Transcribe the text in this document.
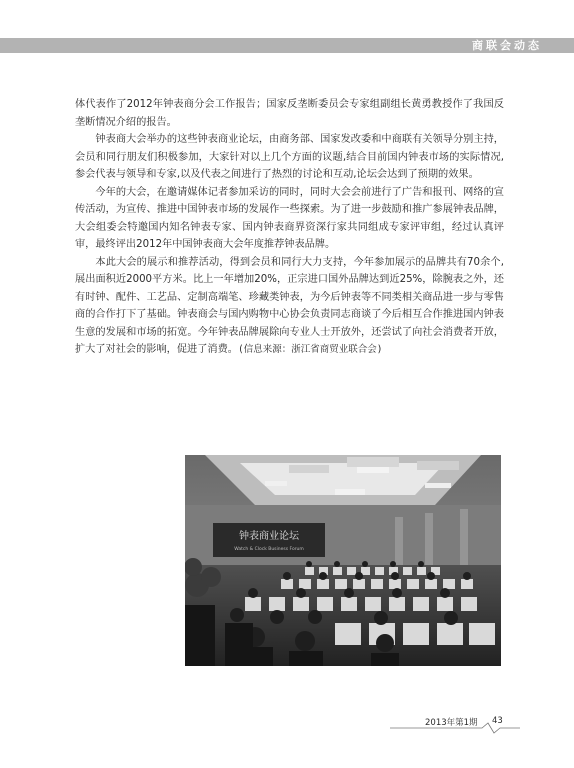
商联会动态

体代表作了2012年钟表商分会工作报告；国家反垄断委员会专家组副组长黄勇教授作了我国反垄断情况介绍的报告。

钟表商大会举办的这些钟表商业论坛，由商务部、国家发改委和中商联有关领导分别主持，会员和同行朋友们积极参加，大家针对以上几个方面的议题,结合目前国内钟表市场的实际情况,参会代表与领导和专家,以及代表之间进行了热烈的讨论和互动,论坛会达到了预期的效果。

今年的大会，在邀请媒体记者参加采访的同时，同时大会会前进行了广告和报刊、网络的宣传活动，为宣传、推进中国钟表市场的发展作一些探索。为了进一步鼓励和推广参展钟表品牌，大会组委会特邀国内知名钟表专家、国内钟表商界资深行家共同组成专家评审组，经过认真评审，最终评出2012年中国钟表商大会年度推荐钟表品牌。

本此大会的展示和推荐活动，得到会员和同行大力支持，今年参加展示的品牌共有70余个,展出面积近2000平方米。比上一年增加20%，正宗进口国外品牌达到近25%，除腕表之外，还有时钟、配件、工艺品、定制高端笔、珍藏类钟表，为今后钟表等不同类相关商品进一步与零售商的合作打下了基础。钟表商会与国内购物中心协会负责同志商谈了今后相互合作推进国内钟表生意的发展和市场的拓宽。今年钟表品牌展除向专业人士开放外，还尝试了向社会消费者开放，扩大了对社会的影响，促进了消费。(信息来源：浙江省商贸业联合会)

钟表商业论坛
Watch & Clock Business Forum
2013年第1期 43
